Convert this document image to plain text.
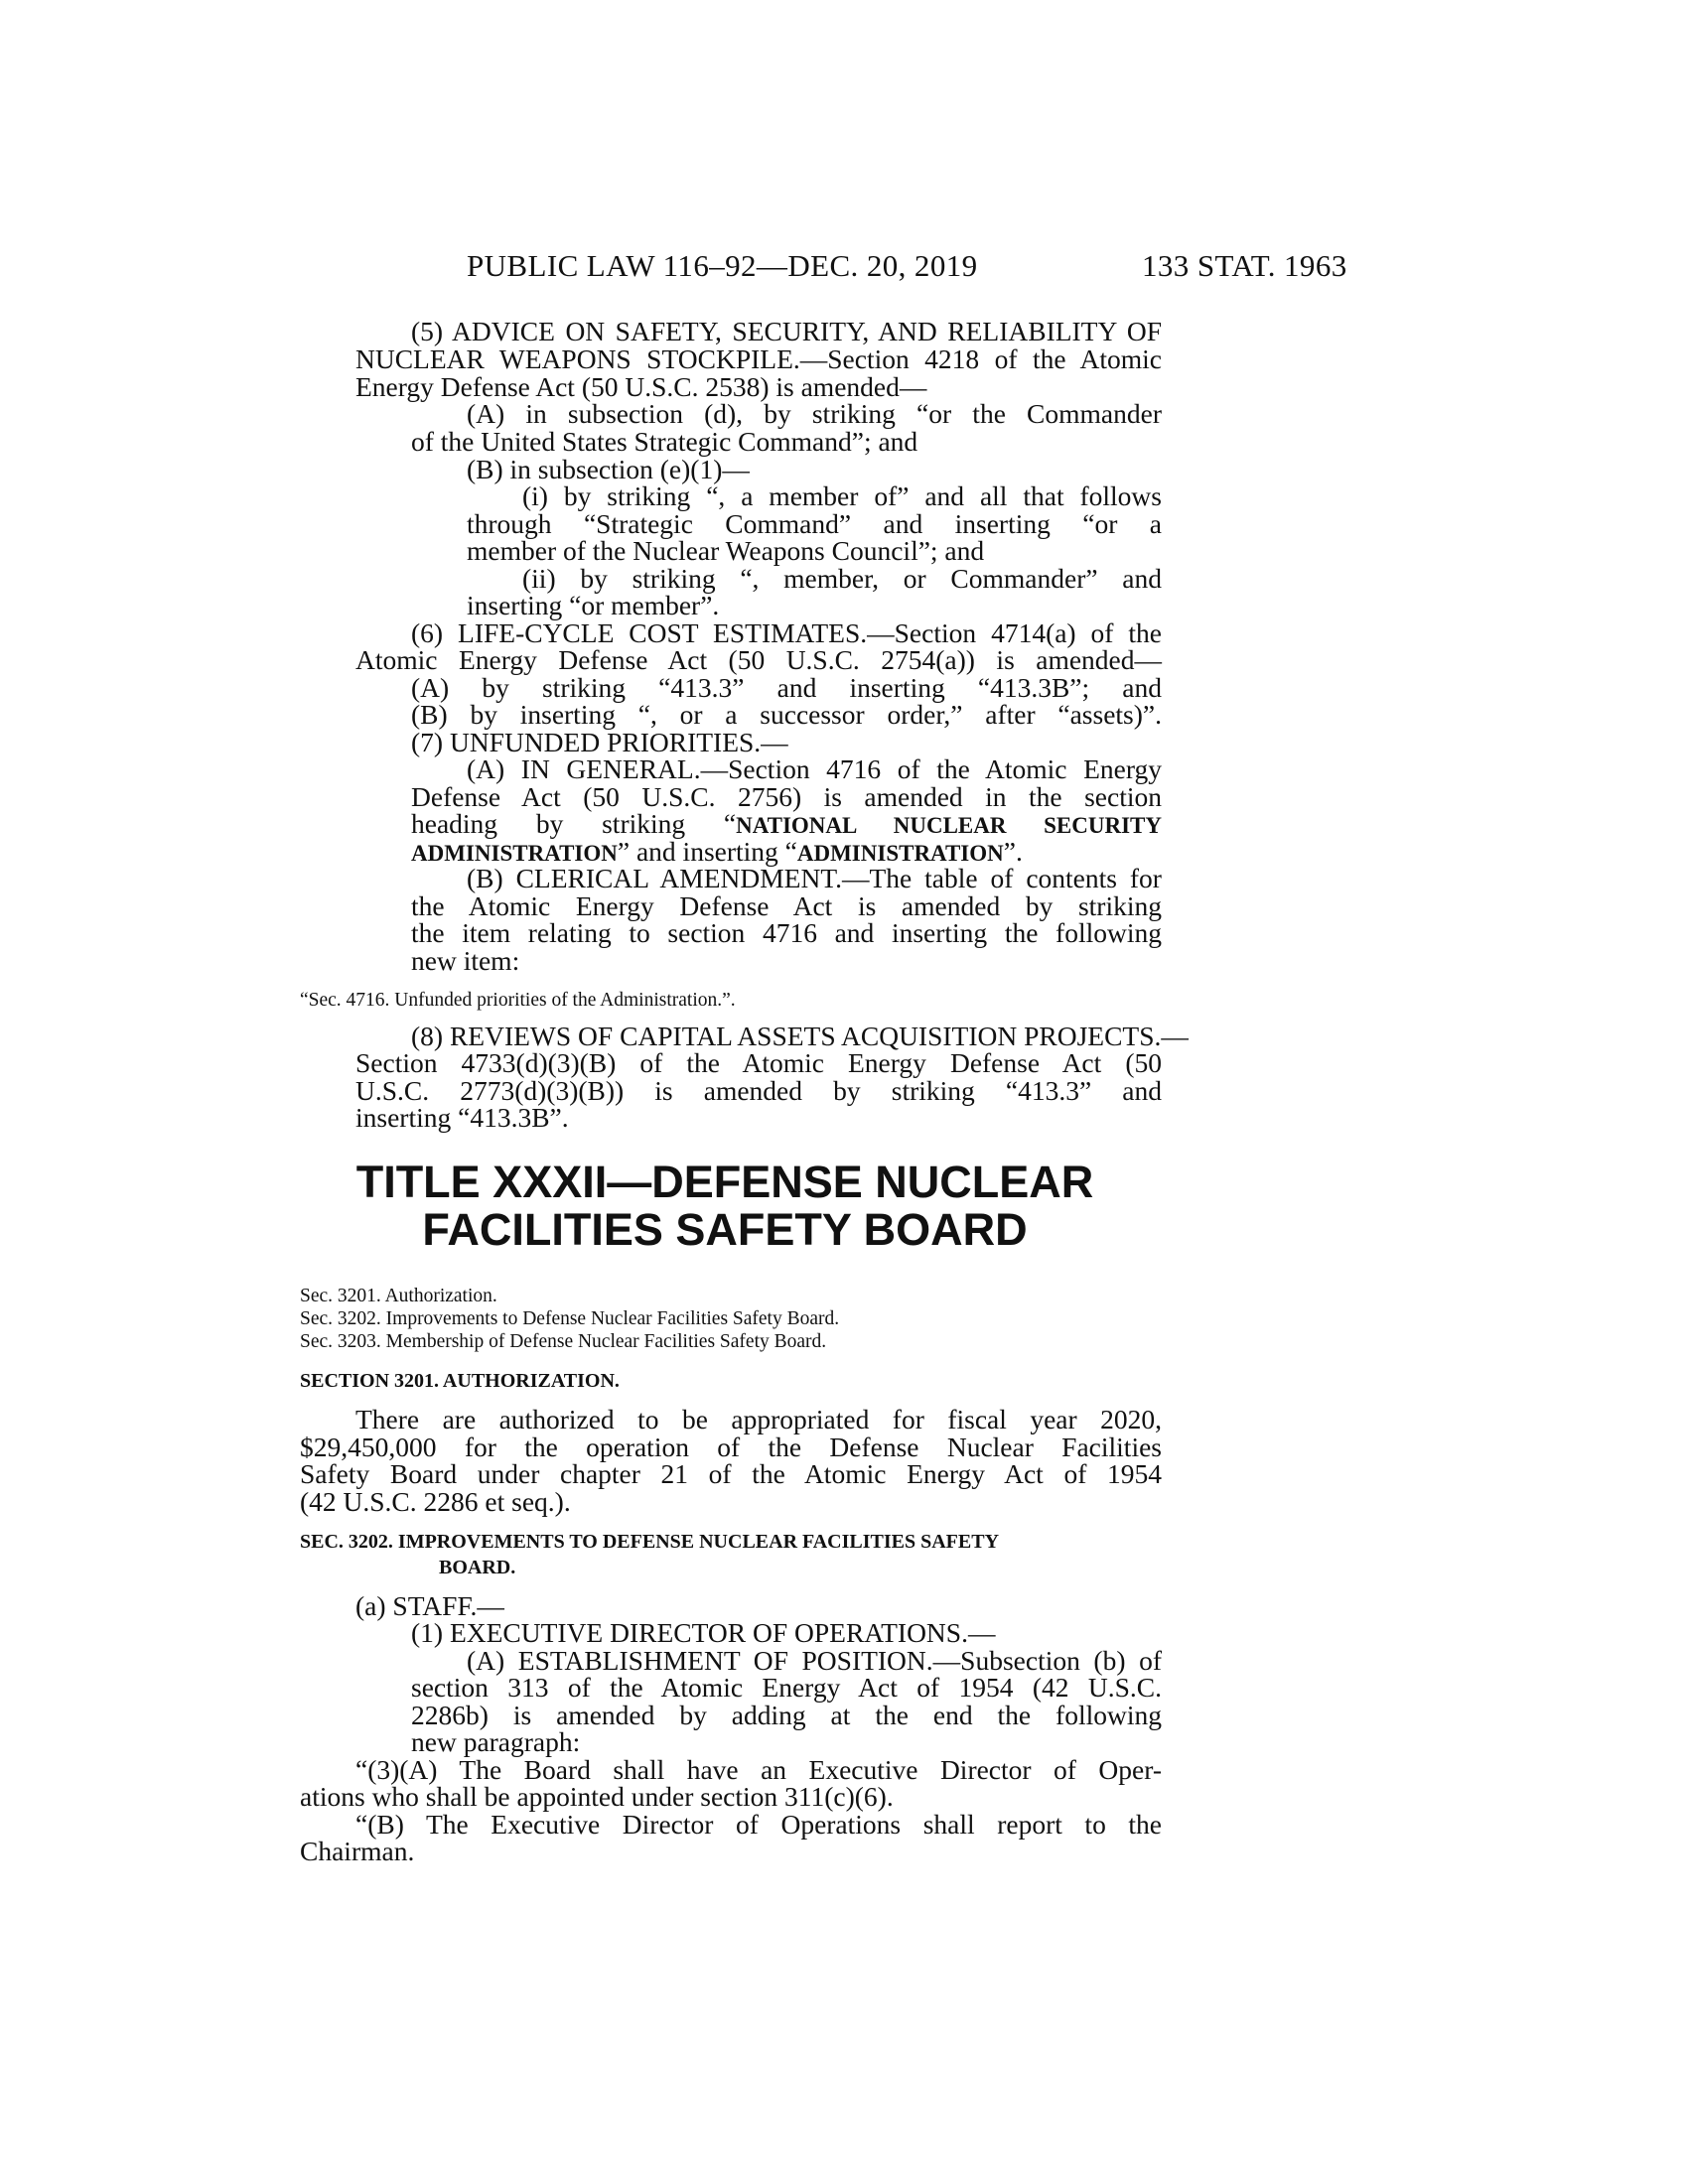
PUBLIC LAW 116–92—DEC. 20, 2019	133 STAT. 1963
(5) ADVICE ON SAFETY, SECURITY, AND RELIABILITY OF
NUCLEAR WEAPONS STOCKPILE.—Section 4218 of the Atomic
Energy Defense Act (50 U.S.C. 2538) is amended—
(A) in subsection (d), by striking “or the Commander
of the United States Strategic Command”; and
(B) in subsection (e)(1)—
(i) by striking “, a member of” and all that follows
through “Strategic Command” and inserting “or a
member of the Nuclear Weapons Council”; and
(ii) by striking “, member, or Commander” and
inserting “or member”.
(6) LIFE-CYCLE COST ESTIMATES.—Section 4714(a) of the
Atomic Energy Defense Act (50 U.S.C. 2754(a)) is amended—
(A) by striking “413.3” and inserting “413.3B”; and
(B) by inserting “, or a successor order,” after “assets)”.
(7) UNFUNDED PRIORITIES.—
(A) IN GENERAL.—Section 4716 of the Atomic Energy
Defense Act (50 U.S.C. 2756) is amended in the section
heading by striking “NATIONAL NUCLEAR SECURITY
ADMINISTRATION” and inserting “ADMINISTRATION”.
(B) CLERICAL AMENDMENT.—The table of contents for
the Atomic Energy Defense Act is amended by striking
the item relating to section 4716 and inserting the following
new item:
“Sec. 4716. Unfunded priorities of the Administration.”.
(8) REVIEWS OF CAPITAL ASSETS ACQUISITION PROJECTS.—
Section 4733(d)(3)(B) of the Atomic Energy Defense Act (50
U.S.C. 2773(d)(3)(B)) is amended by striking “413.3” and
inserting “413.3B”.
TITLE XXXII—DEFENSE NUCLEAR
FACILITIES SAFETY BOARD
Sec. 3201. Authorization.
Sec. 3202. Improvements to Defense Nuclear Facilities Safety Board.
Sec. 3203. Membership of Defense Nuclear Facilities Safety Board.
SECTION 3201. AUTHORIZATION.
There are authorized to be appropriated for fiscal year 2020,
$29,450,000 for the operation of the Defense Nuclear Facilities
Safety Board under chapter 21 of the Atomic Energy Act of 1954
(42 U.S.C. 2286 et seq.).
SEC. 3202. IMPROVEMENTS TO DEFENSE NUCLEAR FACILITIES SAFETY
BOARD.
(a) STAFF.—
(1) EXECUTIVE DIRECTOR OF OPERATIONS.—
(A) ESTABLISHMENT OF POSITION.—Subsection (b) of
section 313 of the Atomic Energy Act of 1954 (42 U.S.C.
2286b) is amended by adding at the end the following
new paragraph:
“(3)(A) The Board shall have an Executive Director of Oper-
ations who shall be appointed under section 311(c)(6).
“(B) The Executive Director of Operations shall report to the
Chairman.
